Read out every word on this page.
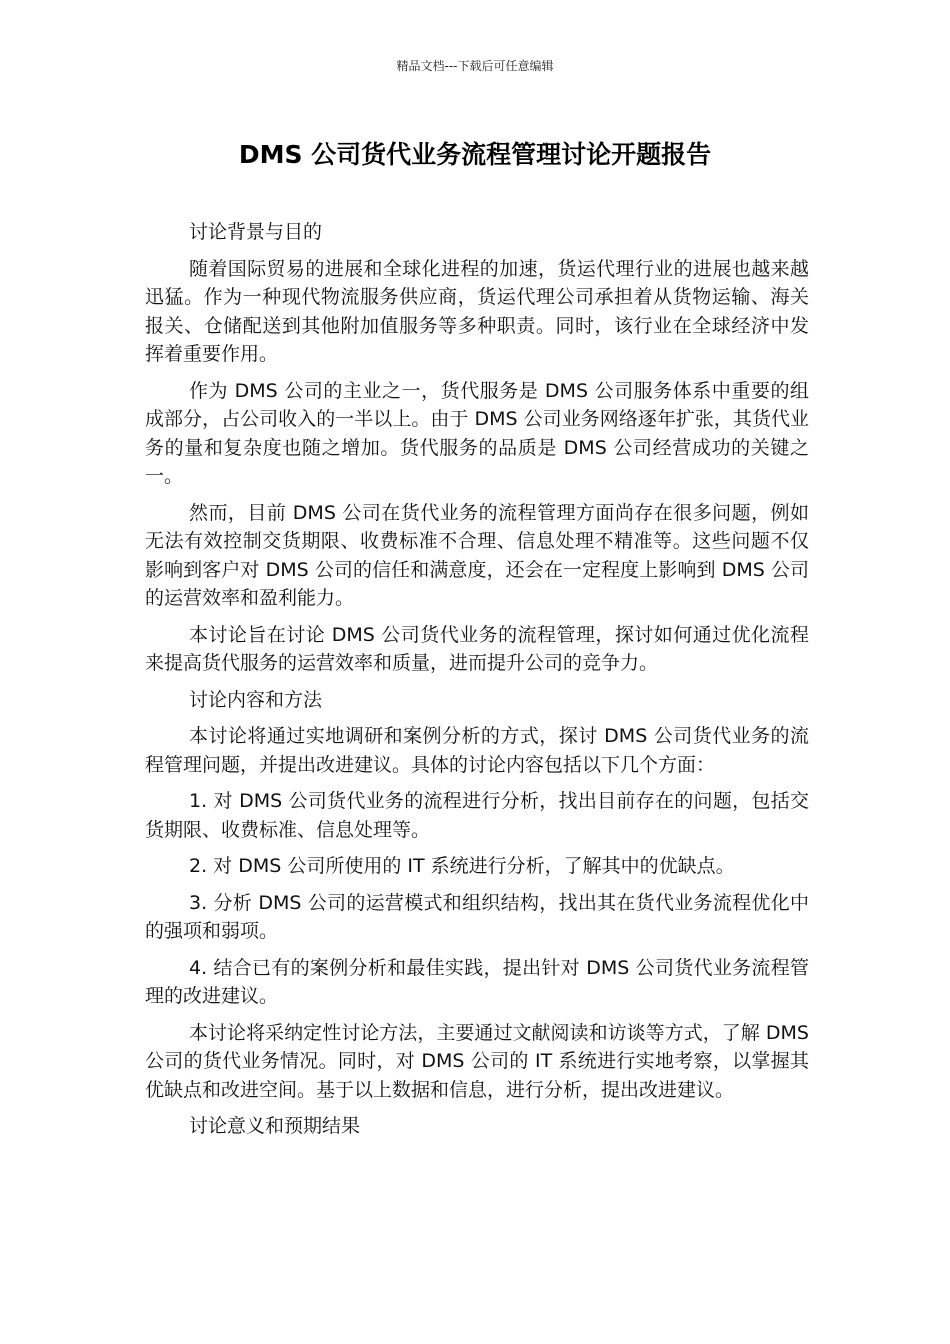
精品文档---下载后可任意编辑
DMS 公司货代业务流程管理讨论开题报告

讨论背景与目的

随着国际贸易的进展和全球化进程的加速，货运代理行业的进展也越来越迅猛。作为一种现代物流服务供应商，货运代理公司承担着从货物运输、海关报关、仓储配送到其他附加值服务等多种职责。同时，该行业在全球经济中发挥着重要作用。

作为 DMS 公司的主业之一，货代服务是 DMS 公司服务体系中重要的组成部分，占公司收入的一半以上。由于 DMS 公司业务网络逐年扩张，其货代业务的量和复杂度也随之增加。货代服务的品质是 DMS 公司经营成功的关键之一。

然而，目前 DMS 公司在货代业务的流程管理方面尚存在很多问题，例如无法有效控制交货期限、收费标准不合理、信息处理不精准等。这些问题不仅影响到客户对 DMS 公司的信任和满意度，还会在一定程度上影响到 DMS 公司的运营效率和盈利能力。

本讨论旨在讨论 DMS 公司货代业务的流程管理，探讨如何通过优化流程来提高货代服务的运营效率和质量，进而提升公司的竞争力。

讨论内容和方法

本讨论将通过实地调研和案例分析的方式，探讨 DMS 公司货代业务的流程管理问题，并提出改进建议。具体的讨论内容包括以下几个方面：

1. 对 DMS 公司货代业务的流程进行分析，找出目前存在的问题，包括交货期限、收费标准、信息处理等。

2. 对 DMS 公司所使用的 IT 系统进行分析，了解其中的优缺点。

3. 分析 DMS 公司的运营模式和组织结构，找出其在货代业务流程优化中的强项和弱项。

4. 结合已有的案例分析和最佳实践，提出针对 DMS 公司货代业务流程管理的改进建议。

本讨论将采纳定性讨论方法，主要通过文献阅读和访谈等方式，了解 DMS 公司的货代业务情况。同时，对 DMS 公司的 IT 系统进行实地考察，以掌握其优缺点和改进空间。基于以上数据和信息，进行分析，提出改进建议。

讨论意义和预期结果
